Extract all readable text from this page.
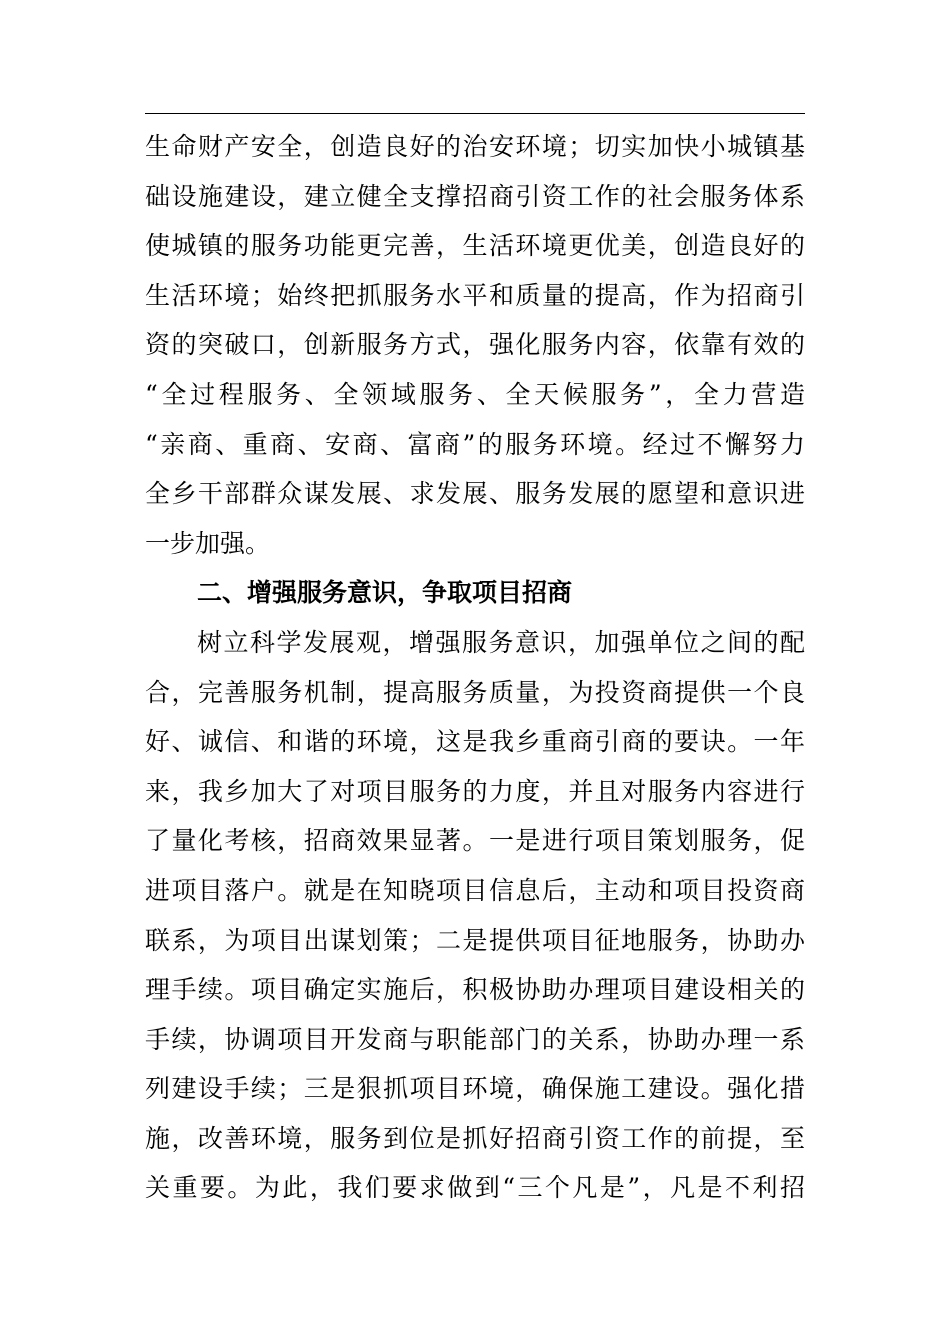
生命财产安全，创造良好的治安环境；切实加快小城镇基
础设施建设，建立健全支撑招商引资工作的社会服务体系
使城镇的服务功能更完善，生活环境更优美，创造良好的
生活环境；始终把抓服务水平和质量的提高，作为招商引
资的突破口，创新服务方式，强化服务内容，依靠有效的
“全过程服务、全领域服务、全天候服务”，全力营造
“亲商、重商、安商、富商”的服务环境。经过不懈努力
全乡干部群众谋发展、求发展、服务发展的愿望和意识进
一步加强。
二、增强服务意识，争取项目招商
树立科学发展观，增强服务意识，加强单位之间的配
合，完善服务机制，提高服务质量，为投资商提供一个良
好、诚信、和谐的环境，这是我乡重商引商的要诀。一年
来，我乡加大了对项目服务的力度，并且对服务内容进行
了量化考核，招商效果显著。一是进行项目策划服务，促
进项目落户。就是在知晓项目信息后，主动和项目投资商
联系，为项目出谋划策；二是提供项目征地服务，协助办
理手续。项目确定实施后，积极协助办理项目建设相关的
手续，协调项目开发商与职能部门的关系，协助办理一系
列建设手续；三是狠抓项目环境，确保施工建设。强化措
施，改善环境，服务到位是抓好招商引资工作的前提，至
关重要。为此，我们要求做到“三个凡是”，凡是不利招
